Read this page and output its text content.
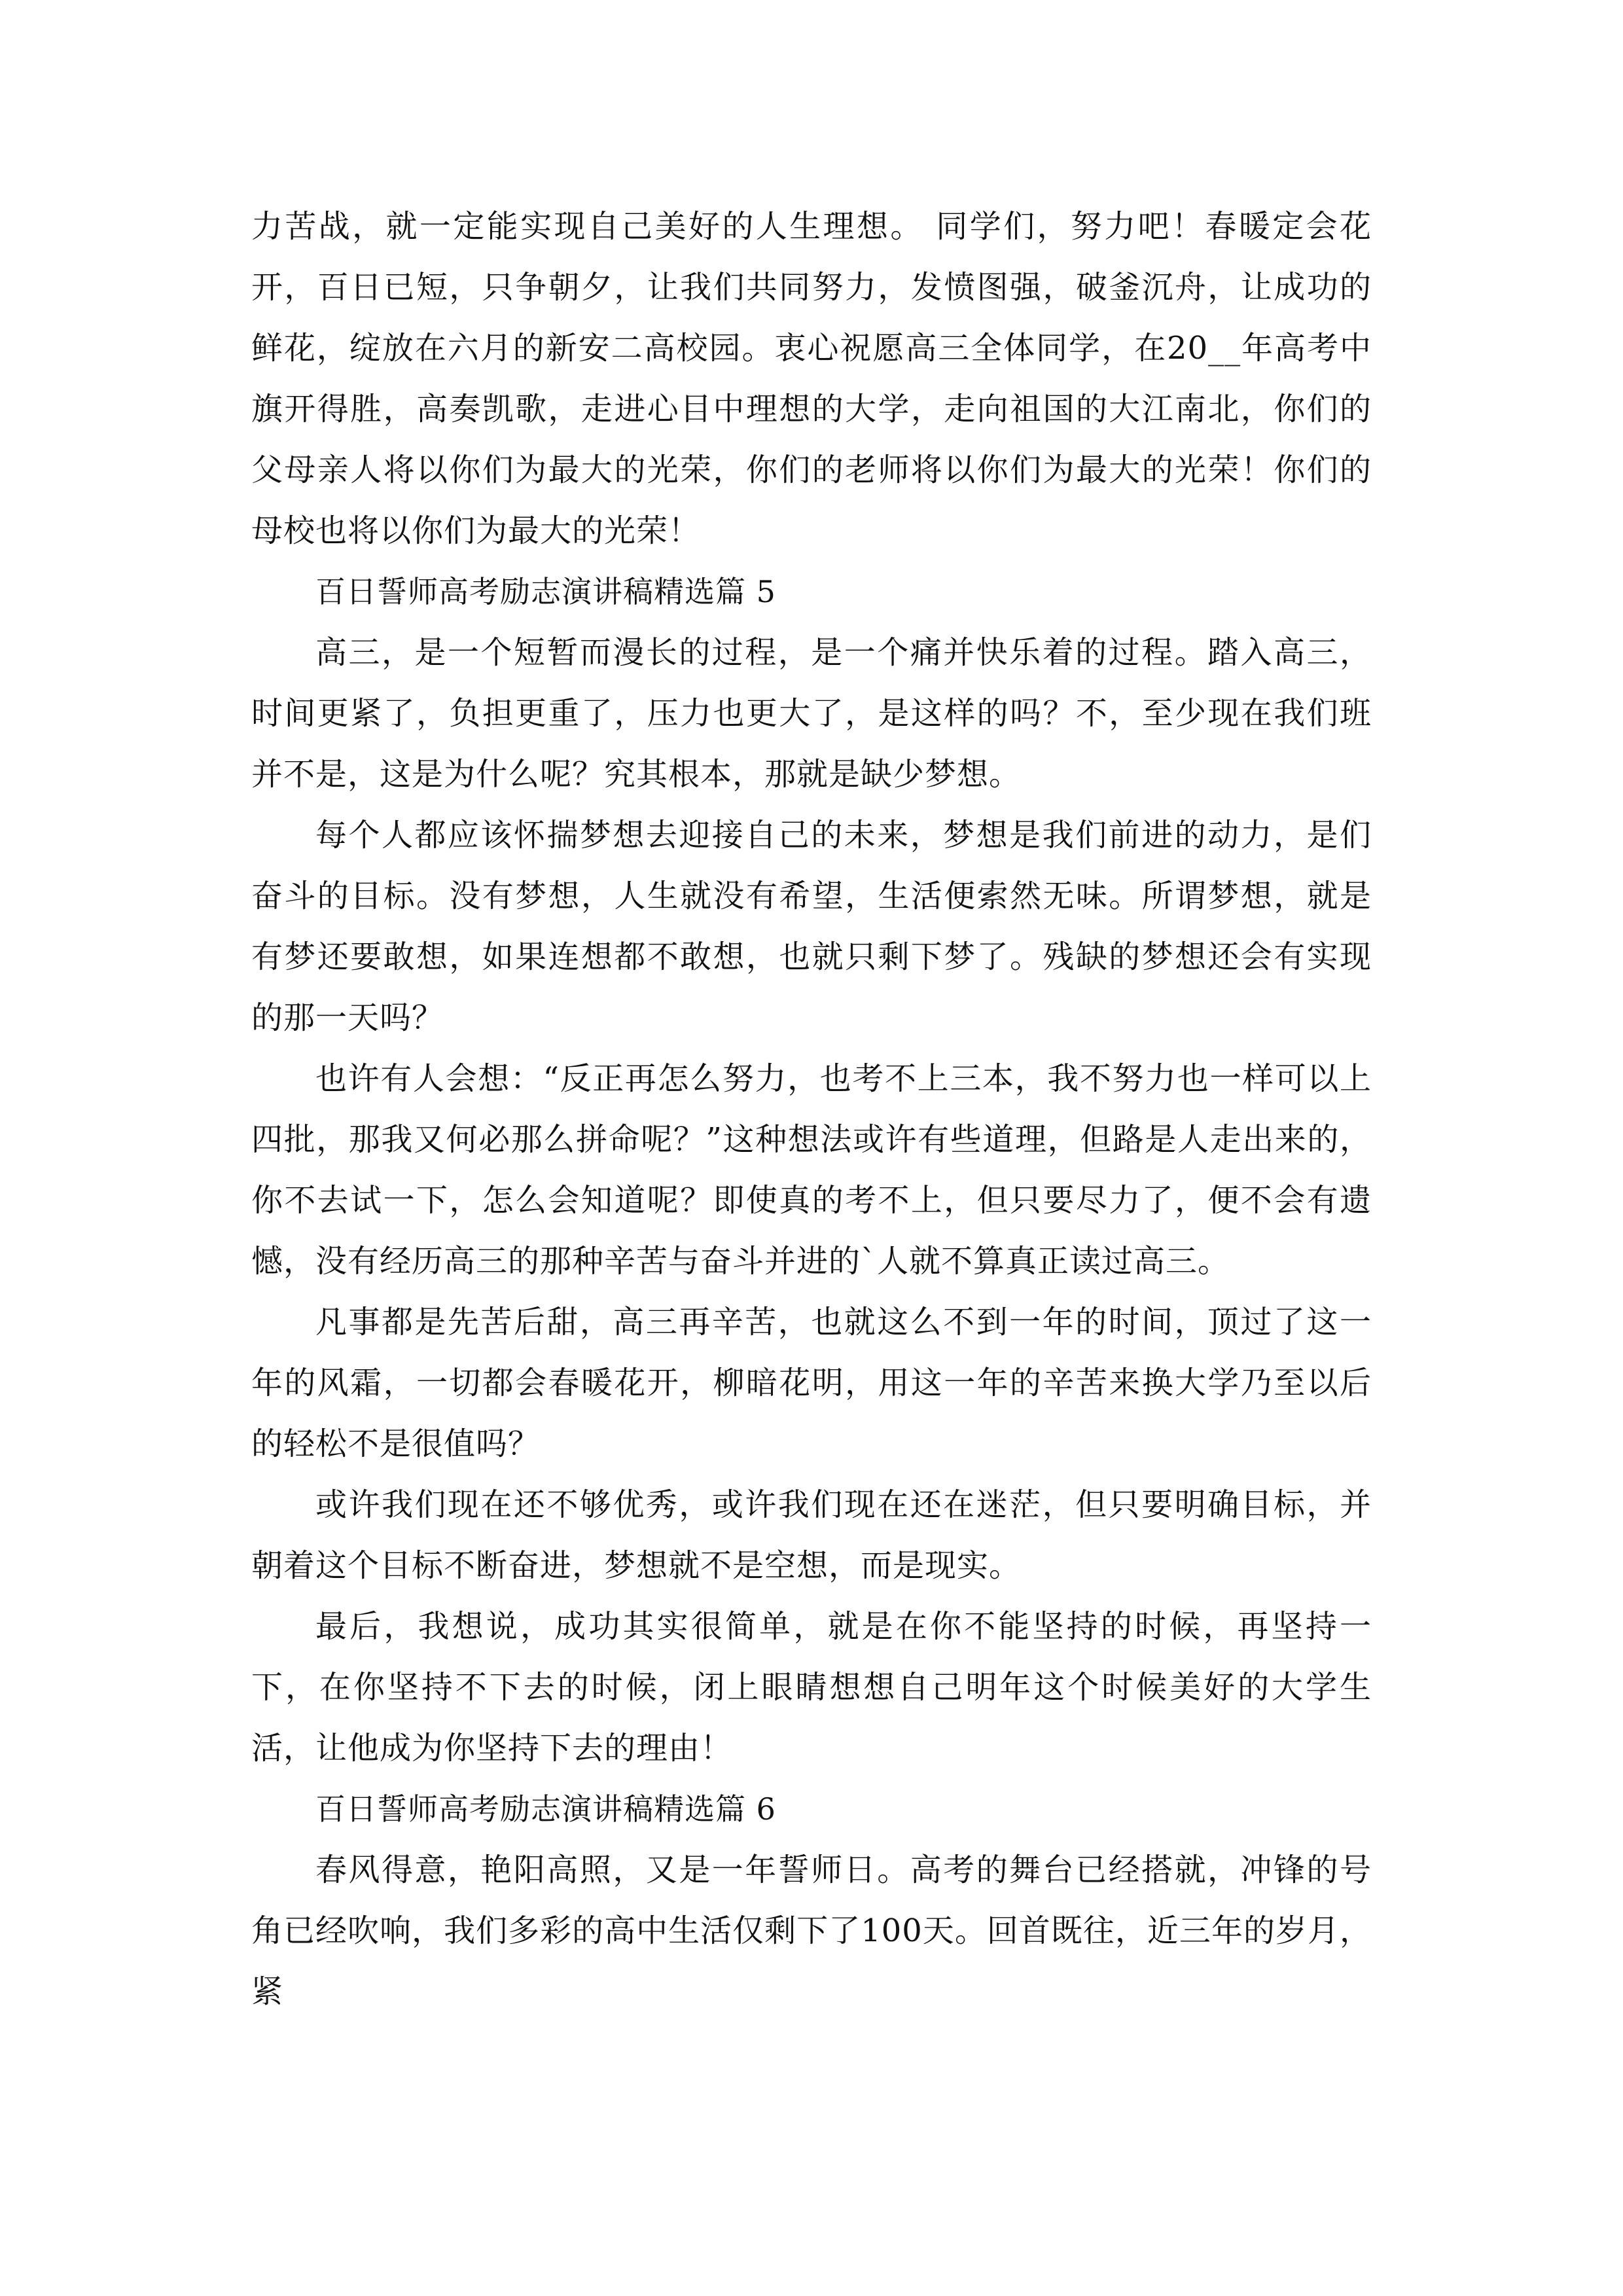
力苦战，就一定能实现自己美好的人生理想。 同学们，努力吧！春暖定会花开，百日已短，只争朝夕，让我们共同努力，发愤图强，破釜沉舟，让成功的鲜花，绽放在六月的新安二高校园。衷心祝愿高三全体同学，在20__年高考中旗开得胜，高奏凯歌，走进心目中理想的大学，走向祖国的大江南北，你们的父母亲人将以你们为最大的光荣，你们的老师将以你们为最大的光荣！你们的母校也将以你们为最大的光荣！

百日誓师高考励志演讲稿精选篇 5

高三，是一个短暂而漫长的过程，是一个痛并快乐着的过程。踏入高三，时间更紧了，负担更重了，压力也更大了，是这样的吗？不，至少现在我们班并不是，这是为什么呢？究其根本，那就是缺少梦想。

每个人都应该怀揣梦想去迎接自己的未来，梦想是我们前进的动力，是们奋斗的目标。没有梦想，人生就没有希望，生活便索然无味。所谓梦想，就是有梦还要敢想，如果连想都不敢想，也就只剩下梦了。残缺的梦想还会有实现的那一天吗？

也许有人会想：“反正再怎么努力，也考不上三本，我不努力也一样可以上四批，那我又何必那么拼命呢？”这种想法或许有些道理，但路是人走出来的，你不去试一下，怎么会知道呢？即使真的考不上，但只要尽力了，便不会有遗憾，没有经历高三的那种辛苦与奋斗并进的`人就不算真正读过高三。

凡事都是先苦后甜，高三再辛苦，也就这么不到一年的时间，顶过了这一年的风霜，一切都会春暖花开，柳暗花明，用这一年的辛苦来换大学乃至以后的轻松不是很值吗？

或许我们现在还不够优秀，或许我们现在还在迷茫，但只要明确目标，并朝着这个目标不断奋进，梦想就不是空想，而是现实。

最后，我想说，成功其实很简单，就是在你不能坚持的时候，再坚持一下，在你坚持不下去的时候，闭上眼睛想想自己明年这个时候美好的大学生活，让他成为你坚持下去的理由！

百日誓师高考励志演讲稿精选篇 6

春风得意，艳阳高照，又是一年誓师日。高考的舞台已经搭就，冲锋的号角已经吹响，我们多彩的高中生活仅剩下了100天。回首既往，近三年的岁月，紧
